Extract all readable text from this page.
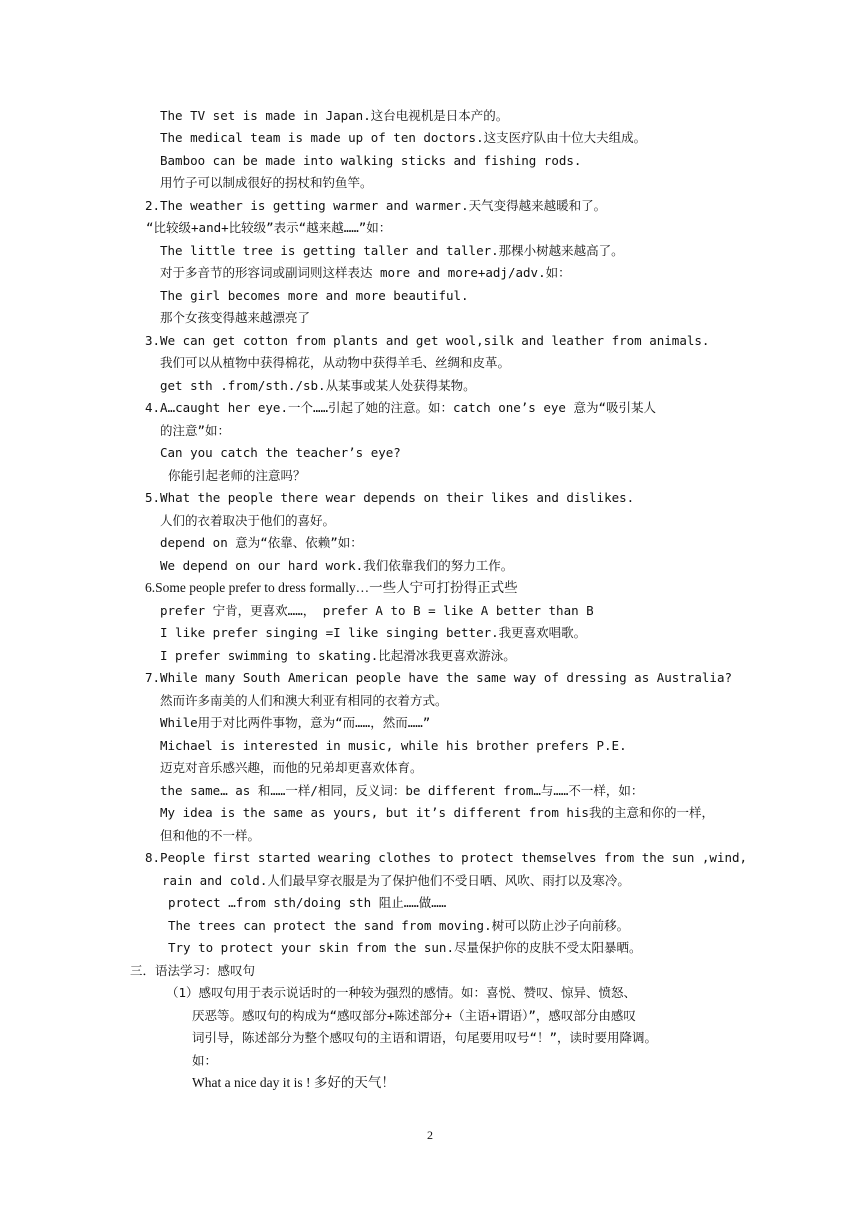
The TV set is made in Japan.这台电视机是日本产的。
The medical team is made up of ten doctors.这支医疗队由十位大夫组成。
Bamboo can be made into walking sticks and fishing rods.
用竹子可以制成很好的拐杖和钓鱼竿。
2.The weather is getting warmer and warmer.天气变得越来越暖和了。
“比较级+and+比较级”表示“越来越……”如：
The little tree is getting taller and taller.那棵小树越来越高了。
对于多音节的形容词或副词则这样表达 more and more+adj/adv.如：
The girl becomes more and more beautiful.
那个女孩变得越来越漂亮了
3.We can get cotton from plants and get wool,silk and leather from animals.
我们可以从植物中获得棉花，从动物中获得羊毛、丝绸和皮革。
get sth .from/sth./sb.从某事或某人处获得某物。
4.A…caught her eye.一个……引起了她的注意。如：catch one’s eye 意为“吸引某人
的注意”如：
Can you catch the teacher’s eye?
你能引起老师的注意吗？
5.What the people there wear depends on their likes and dislikes.
人们的衣着取决于他们的喜好。
depend on 意为“依靠、依赖”如：
We depend on our hard work.我们依靠我们的努力工作。
6.Some people prefer to dress formally…一些人宁可打扮得正式些
prefer 宁肯，更喜欢……， prefer A to B = like A better than B
I like prefer singing =I like singing better.我更喜欢唱歌。
I prefer swimming to skating.比起滑冰我更喜欢游泳。
7.While many South American people have the same way of dressing as Australia?
然而许多南美的人们和澳大利亚有相同的衣着方式。
While用于对比两件事物，意为“而……，然而……”
Michael is interested in music, while his brother prefers P.E.
迈克对音乐感兴趣，而他的兄弟却更喜欢体育。
the same… as 和……一样/相同，反义词：be different from…与……不一样，如：
My idea is the same as yours, but it’s different from his我的主意和你的一样，
但和他的不一样。
8.People first started wearing clothes to protect themselves from the sun ,wind,
rain and cold.人们最早穿衣服是为了保护他们不受日晒、风吹、雨打以及寒冷。
protect …from sth/doing sth 阻止……做……
The trees can protect the sand from moving.树可以防止沙子向前移。
Try to protect your skin from the sun.尽量保护你的皮肤不受太阳暴晒。
三．语法学习：感叹句
（1）感叹句用于表示说话时的一种较为强烈的感情。如：喜悦、赞叹、惊异、愤怒、
厌恶等。感叹句的构成为“感叹部分+陈述部分+（主语+谓语）”，感叹部分由感叹
词引导，陈述部分为整个感叹句的主语和谓语，句尾要用叹号“！”，读时要用降调。
如：
What a nice day it is ! 多好的天气！
2
